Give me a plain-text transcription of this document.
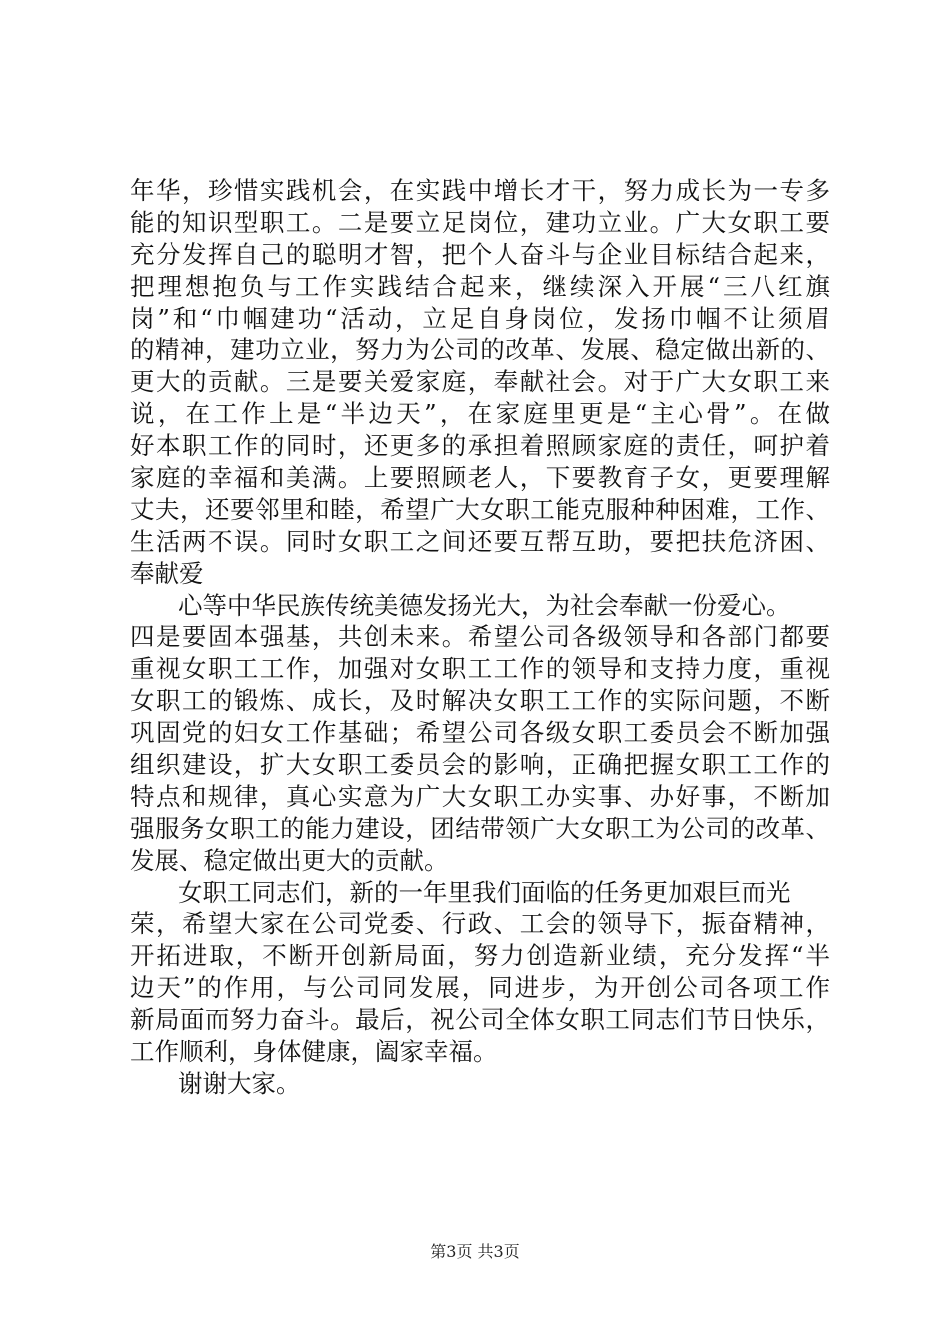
年华，珍惜实践机会，在实践中增长才干，努力成长为一专多
能的知识型职工。二是要立足岗位，建功立业。广大女职工要
充分发挥自己的聪明才智，把个人奋斗与企业目标结合起来，
把理想抱负与工作实践结合起来，继续深入开展“三八红旗
岗”和“巾帼建功“活动，立足自身岗位，发扬巾帼不让须眉
的精神，建功立业，努力为公司的改革、发展、稳定做出新的、
更大的贡献。三是要关爱家庭，奉献社会。对于广大女职工来
说，在工作上是“半边天”，在家庭里更是“主心骨”。在做
好本职工作的同时，还更多的承担着照顾家庭的责任，呵护着
家庭的幸福和美满。上要照顾老人，下要教育子女，更要理解
丈夫，还要邻里和睦，希望广大女职工能克服种种困难，工作、
生活两不误。同时女职工之间还要互帮互助，要把扶危济困、
奉献爱
心等中华民族传统美德发扬光大，为社会奉献一份爱心。
四是要固本强基，共创未来。希望公司各级领导和各部门都要
重视女职工工作，加强对女职工工作的领导和支持力度，重视
女职工的锻炼、成长，及时解决女职工工作的实际问题，不断
巩固党的妇女工作基础；希望公司各级女职工委员会不断加强
组织建设，扩大女职工委员会的影响，正确把握女职工工作的
特点和规律，真心实意为广大女职工办实事、办好事，不断加
强服务女职工的能力建设，团结带领广大女职工为公司的改革、
发展、稳定做出更大的贡献。
女职工同志们，新的一年里我们面临的任务更加艰巨而光
荣，希望大家在公司党委、行政、工会的领导下，振奋精神，
开拓进取，不断开创新局面，努力创造新业绩，充分发挥“半
边天”的作用，与公司同发展，同进步，为开创公司各项工作
新局面而努力奋斗。最后，祝公司全体女职工同志们节日快乐，
工作顺利，身体健康，阖家幸福。
谢谢大家。
第3页 共3页
